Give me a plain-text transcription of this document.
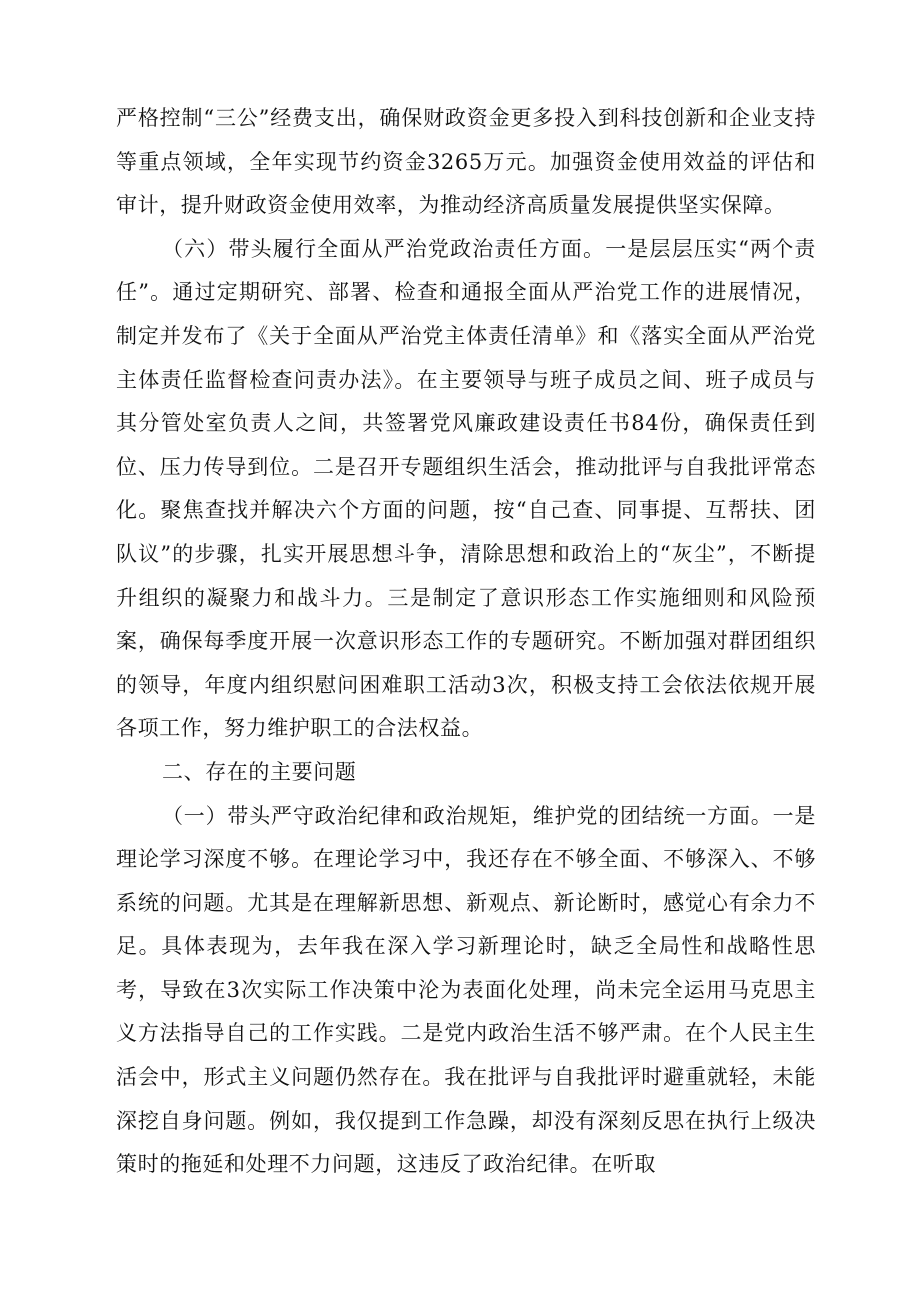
严格控制“三公”经费支出，确保财政资金更多投入到科技创新和企业支持等重点领域，全年实现节约资金3265万元。加强资金使用效益的评估和审计，提升财政资金使用效率，为推动经济高质量发展提供坚实保障。

（六）带头履行全面从严治党政治责任方面。一是层层压实“两个责任”。通过定期研究、部署、检查和通报全面从严治党工作的进展情况，制定并发布了《关于全面从严治党主体责任清单》和《落实全面从严治党主体责任监督检查问责办法》。在主要领导与班子成员之间、班子成员与其分管处室负责人之间，共签署党风廉政建设责任书84份，确保责任到位、压力传导到位。二是召开专题组织生活会，推动批评与自我批评常态化。聚焦查找并解决六个方面的问题，按“自己查、同事提、互帮扶、团队议”的步骤，扎实开展思想斗争，清除思想和政治上的“灰尘”，不断提升组织的凝聚力和战斗力。三是制定了意识形态工作实施细则和风险预案，确保每季度开展一次意识形态工作的专题研究。不断加强对群团组织的领导，年度内组织慰问困难职工活动3次，积极支持工会依法依规开展各项工作，努力维护职工的合法权益。

二、存在的主要问题

（一）带头严守政治纪律和政治规矩，维护党的团结统一方面。一是理论学习深度不够。在理论学习中，我还存在不够全面、不够深入、不够系统的问题。尤其是在理解新思想、新观点、新论断时，感觉心有余力不足。具体表现为，去年我在深入学习新理论时，缺乏全局性和战略性思考，导致在3次实际工作决策中沦为表面化处理，尚未完全运用马克思主义方法指导自己的工作实践。二是党内政治生活不够严肃。在个人民主生活会中，形式主义问题仍然存在。我在批评与自我批评时避重就轻，未能深挖自身问题。例如，我仅提到工作急躁，却没有深刻反思在执行上级决策时的拖延和处理不力问题，这违反了政治纪律。在听取
